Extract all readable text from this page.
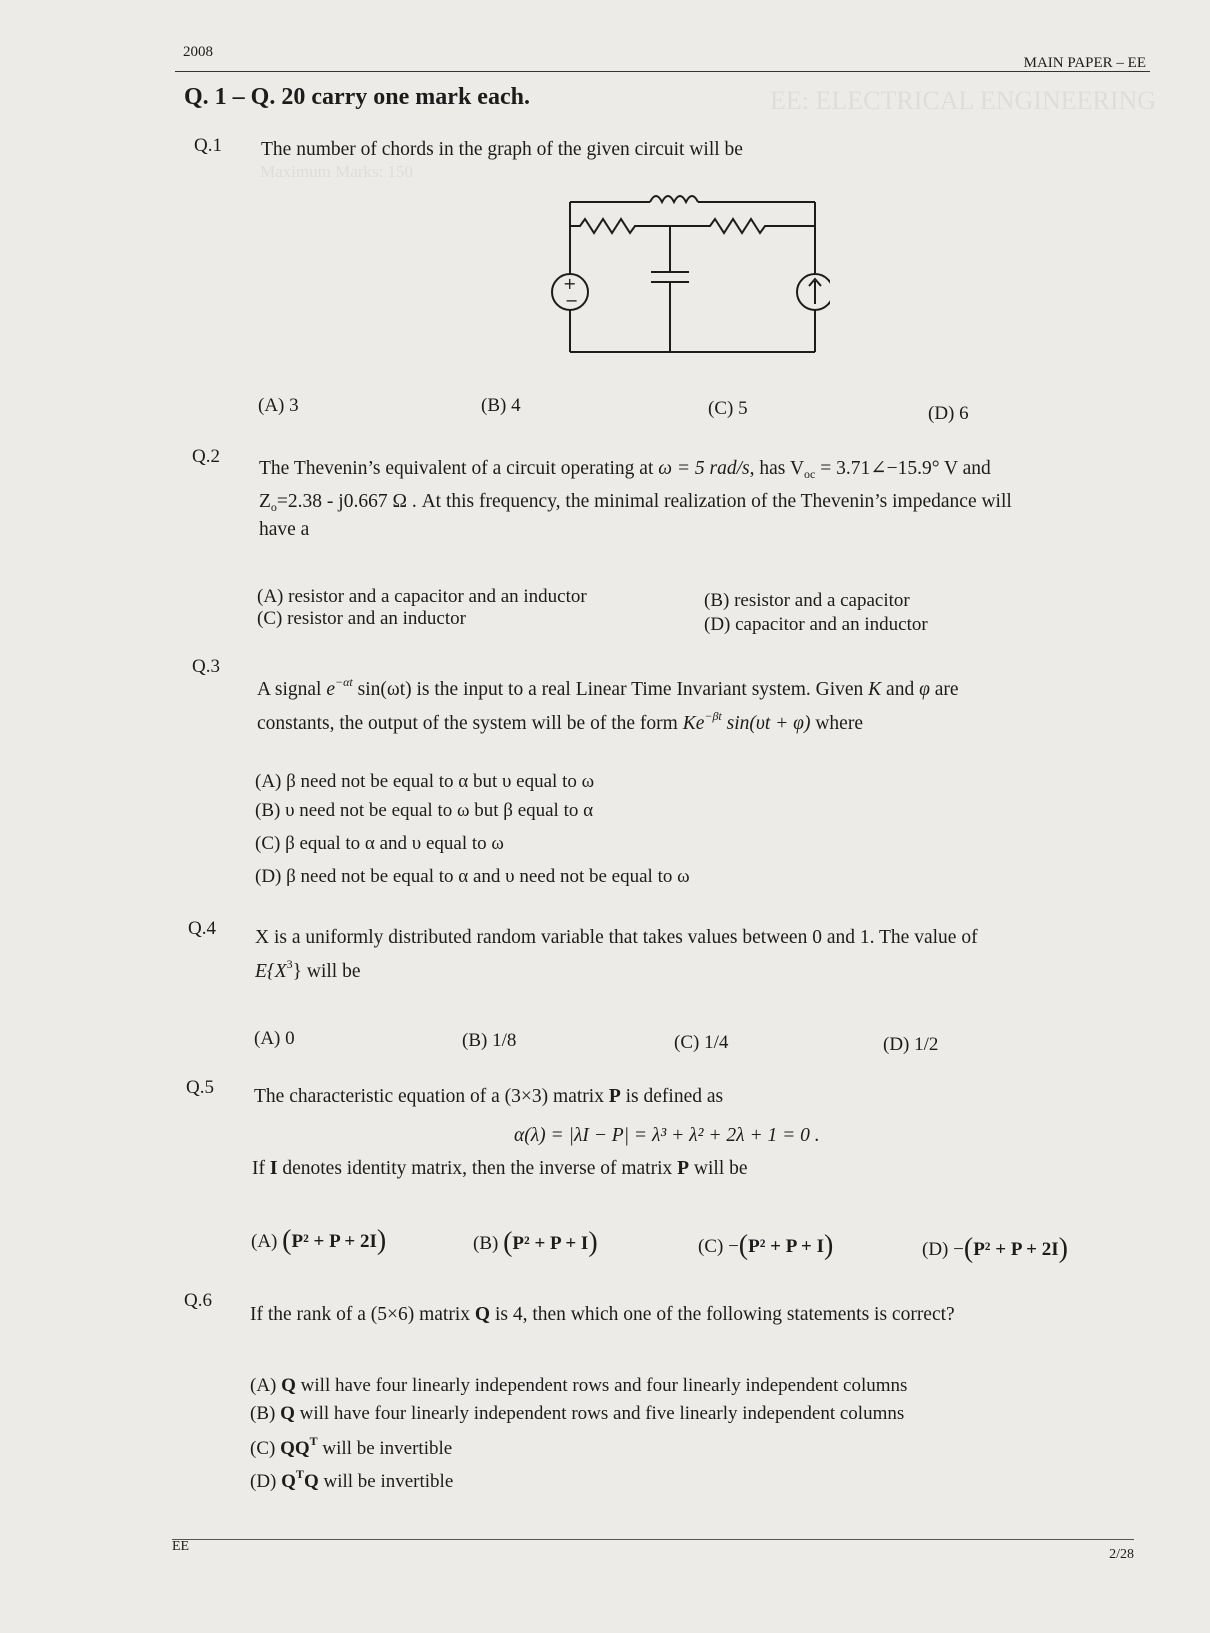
EE: ELECTRICAL ENGINEERING
Maximum Marks: 150
2008
MAIN PAPER – EE
Q. 1 – Q. 20 carry one mark each.
Q.1 The number of chords in the graph of the given circuit will be
+
−
(A) 3	(B) 4	(C) 5	(D) 6
Q.2
The Thevenin’s equivalent of a circuit operating at ω = 5 rad/s, has $V_{oc}$ = 3.71∠−15.9° V and
$Z_o=2.38 - j0.667$ Ω . At this frequency, the minimal realization of the Thevenin’s impedance will
have a
(A) resistor and a capacitor and an inductor	(B) resistor and a capacitor
(C) resistor and an inductor	(D) capacitor and an inductor
Q.3
A signal $e^{-\alpha t}$ sin(ωt) is the input to a real Linear Time Invariant system. Given K and φ are
constants, the output of the system will be of the form $Ke^{-\beta t}$ sin(υt + φ) where
(A) β need not be equal to α but υ equal to ω
(B) υ need not be equal to ω but β equal to α
(C) β equal to α and υ equal to ω
(D) β need not be equal to α and υ need not be equal to ω
Q.4 X is a uniformly distributed random variable that takes values between 0 and 1. The value of
$E\{X^3\}$ will be
(A) 0	(B) 1/8	(C) 1/4	(D) 1/2
Q.5 The characteristic equation of a (3×3) matrix P is defined as
α(λ) = |λI − P| = λ³ + λ² + 2λ + 1 = 0 .
If I denotes identity matrix, then the inverse of matrix P will be
(A) (P² + P + 2I)	(B) (P² + P + I)	(C) −(P² + P + I)	(D) −(P² + P + 2I)
Q.6
If the rank of a (5×6) matrix Q is 4, then which one of the following statements is correct?
(A) Q will have four linearly independent rows and four linearly independent columns
(B) Q will have four linearly independent rows and five linearly independent columns
(C) $QQ^T$ will be invertible
(D) $Q^TQ$ will be invertible
EE
2/28
